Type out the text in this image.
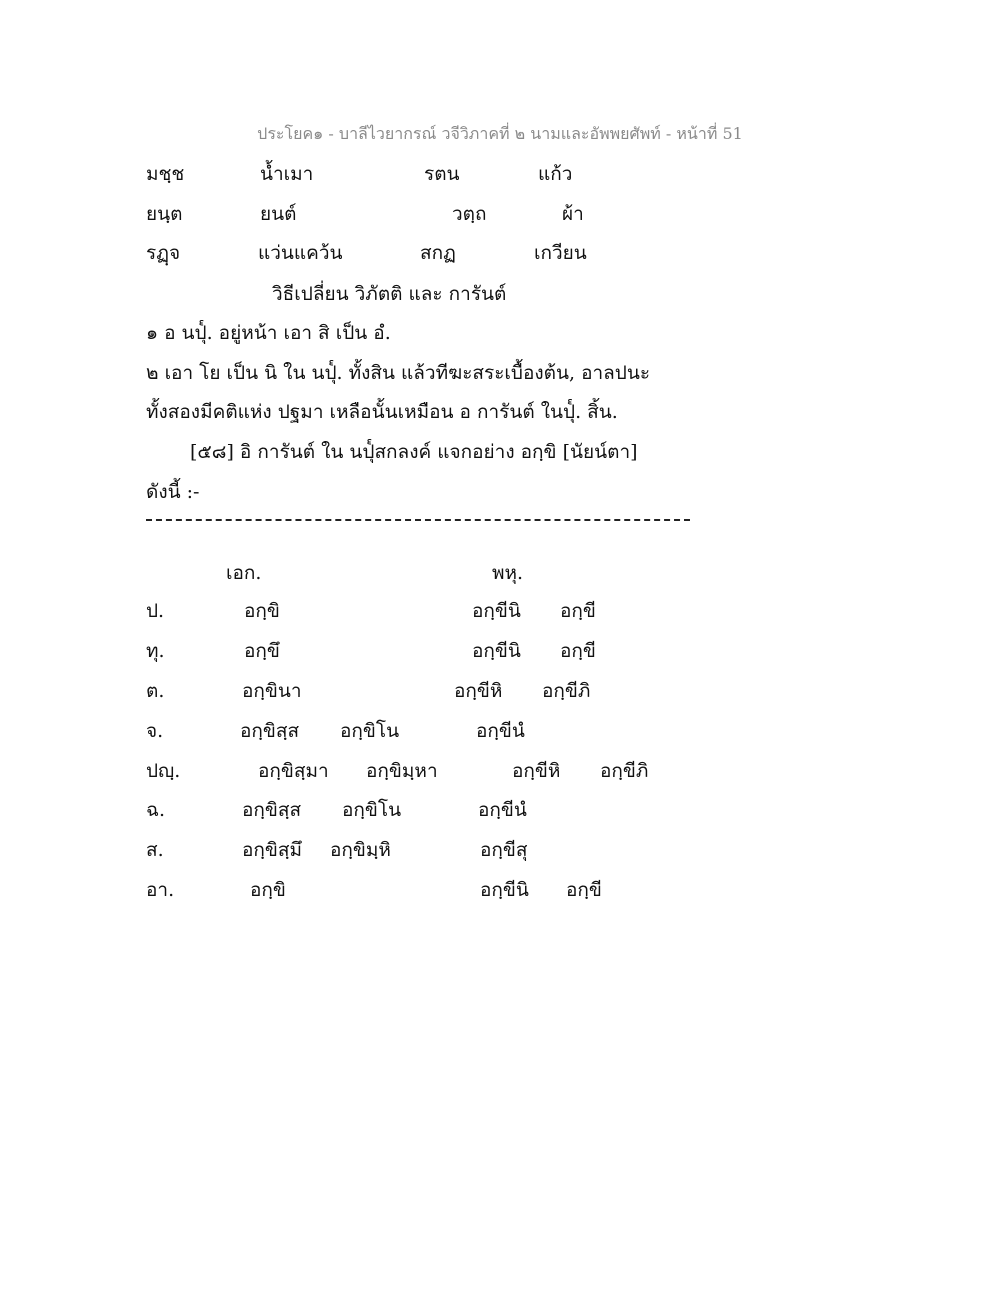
ประโยค๑ - บาลีไวยากรณ์ วจีวิภาคที่ ๒ นามและอัพพยศัพท์ - หน้าที่ 51
มชฺช	น้ำเมา	รตน	แก้ว
ยนฺต	ยนต์	วตฺถ	ผ้า
รฏฺจ	แว่นแคว้น	สกฏ	เกวียน
วิธีเปลี่ยน วิภัตติ และ การันต์
๑ อ นปุ๎. อยู่หน้า เอา สิ เป็น อํ.
๒ เอา โย เป็น นิ ใน นปุ๎. ทั้งสิน แล้วทีฆะสระเบื้องต้น, อาลปนะ
ทั้งสองมีคติแห่ง ปฐมา เหลือนั้นเหมือน อ การันต์ ในปุ๎. สิ้น.
[๕๘] อิ การันต์ ใน นปุ๎สกลงค์ แจกอย่าง อกฺขิ [นัยน์ตา]
ดังนี้ :-
เอก.	พหุ.
ป.	อกฺขิ	อกฺขีนิ อกฺขี
ทุ.	อกฺขึ	อกฺขีนิ อกฺขี
ต.	อกฺขินา	อกฺขีหิ อกฺขีภิ
จ.	อกฺขิสฺส อกฺขิโน	อกฺขีนํ
ปญฺ.	อกฺขิสฺมา อกฺขิมฺหา	อกฺขีหิ อกฺขีภิ
ฉ.	อกฺขิสฺส อกฺขิโน	อกฺขีนํ
ส.	อกฺขิสฺมึ อกฺขิมฺหิ	อกฺขีสุ
อา.	อกฺขิ	อกฺขีนิ อกฺขี
